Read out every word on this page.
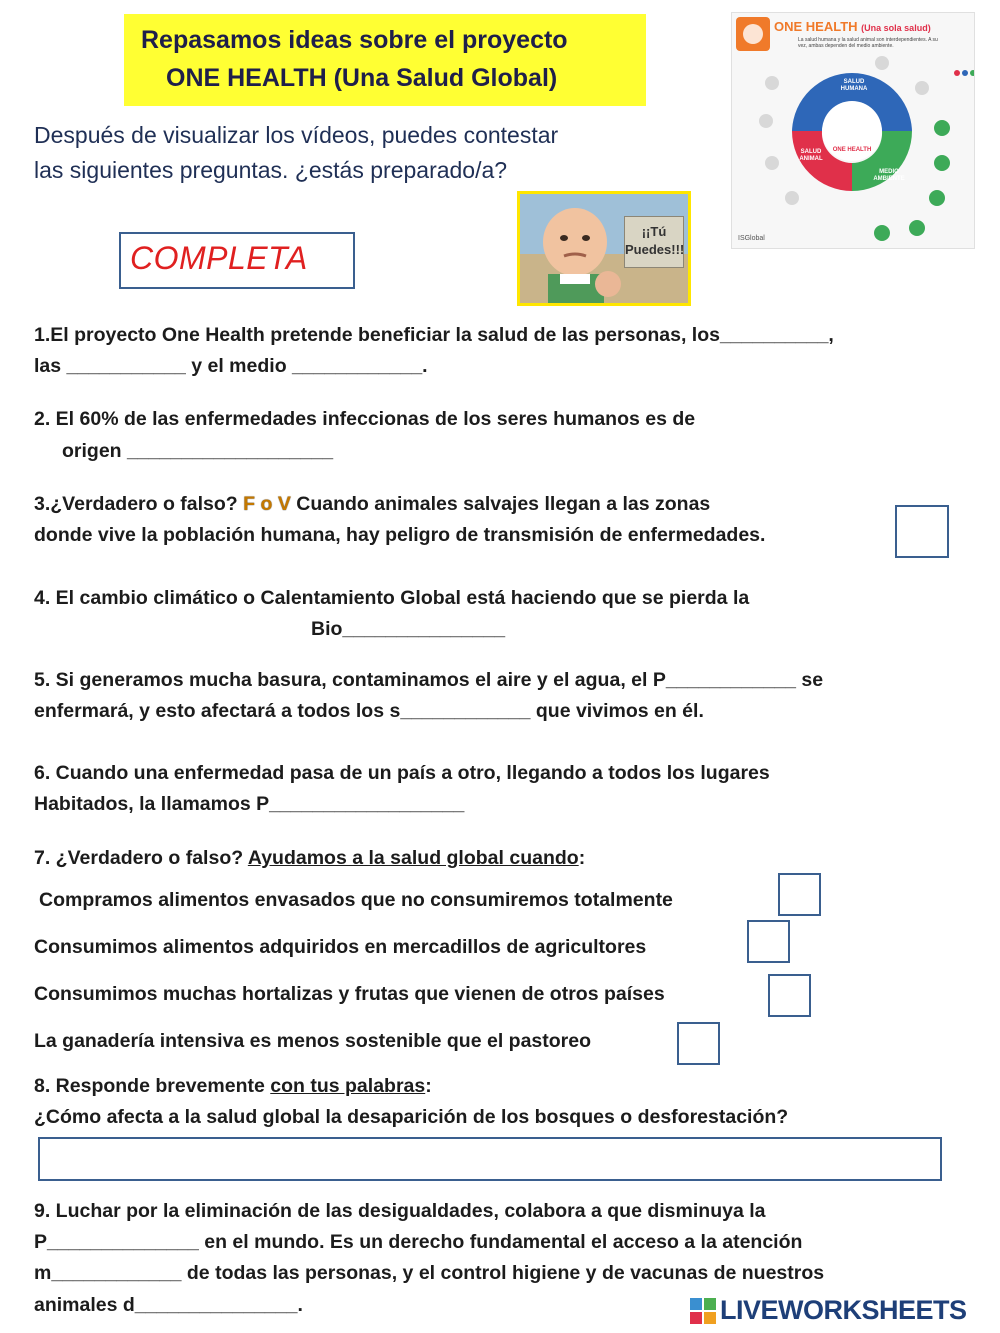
Repasamos ideas sobre el proyecto
ONE HEALTH (Una Salud Global)
Después de visualizar los vídeos, puedes contestar
las siguientes preguntas. ¿estás preparado/a?
COMPLETA
¡¡Tú
Puedes!!!
ONE HEALTH (Una sola salud)
La salud humana y la salud animal son interdependientes. A su vez, ambas dependen del medio ambiente.
SALUD HUMANA
SALUD ANIMAL
MEDIO AMBIENTE
ONE HEALTH
ISGlobal
1.El proyecto One Health pretende beneficiar la salud de las personas, los__________,
las ___________ y el medio ____________.
2. El 60% de las enfermedades infeccionas de los seres humanos es de
origen ___________________
3.¿Verdadero o falso? F o V Cuando animales salvajes llegan a las zonas
donde vive la población humana, hay peligro de transmisión de enfermedades.
4. El cambio climático o Calentamiento Global está haciendo que se pierda la
Bio_______________
5. Si generamos mucha basura, contaminamos el aire y el agua, el P____________ se
enfermará, y esto afectará a todos los s____________ que vivimos en él.
6. Cuando una enfermedad pasa de un país a otro, llegando a todos los lugares
Habitados, la llamamos P__________________
7. ¿Verdadero o falso? Ayudamos a la salud global cuando:
Compramos alimentos envasados que no consumiremos totalmente
Consumimos alimentos adquiridos en mercadillos de agricultores
Consumimos muchas hortalizas y frutas que vienen de otros países
La ganadería intensiva es menos sostenible que el pastoreo
8. Responde brevemente con tus palabras:
¿Cómo afecta a la salud global la desaparición de los bosques o desforestación?
9. Luchar por la eliminación de las desigualdades, colabora a que disminuya la
P______________ en el mundo. Es un derecho fundamental el acceso a la atención
m____________ de todas las personas, y el control higiene y de vacunas de nuestros
animales d_______________.	LIVEWORKSHEETS
